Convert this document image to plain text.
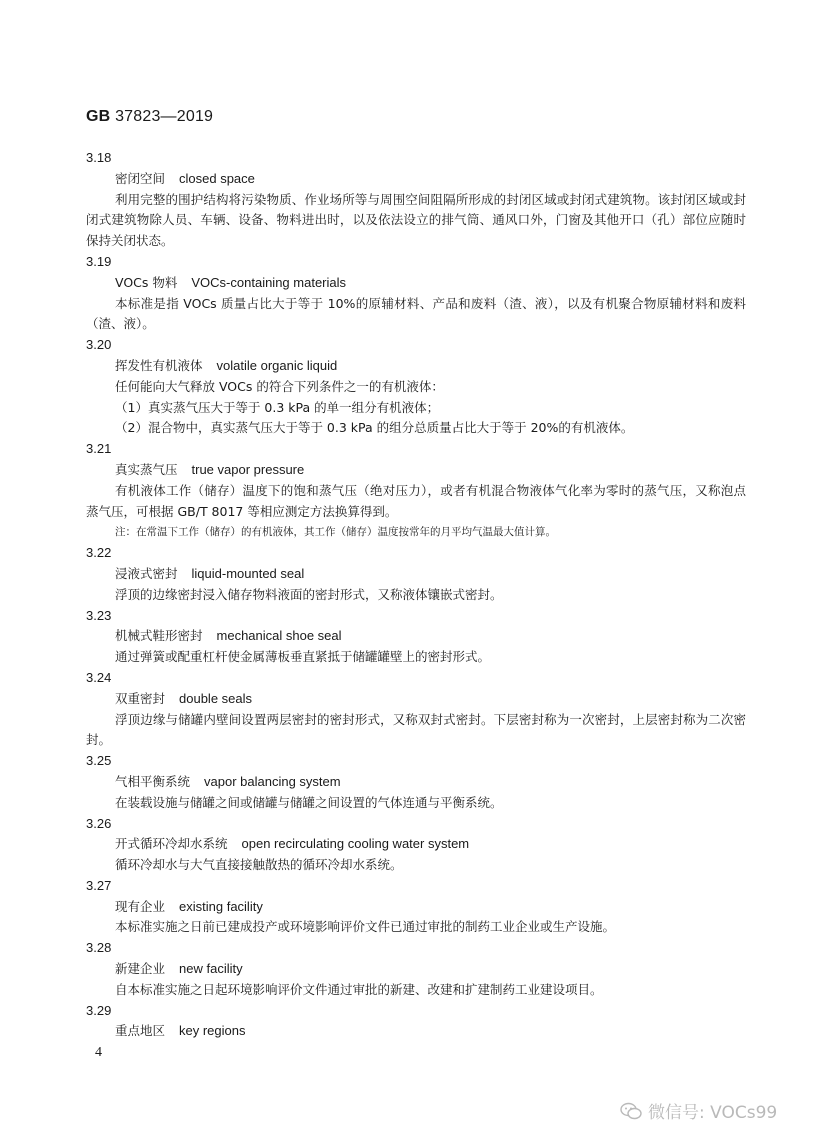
GB 37823—2019
3.18
密闭空间 closed space
利用完整的围护结构将污染物质、作业场所等与周围空间阻隔所形成的封闭区域或封闭式建筑物。该封闭区域或封闭式建筑物除人员、车辆、设备、物料进出时，以及依法设立的排气筒、通风口外，门窗及其他开口（孔）部位应随时保持关闭状态。
3.19
VOCs 物料 VOCs-containing materials
本标准是指 VOCs 质量占比大于等于 10%的原辅材料、产品和废料（渣、液），以及有机聚合物原辅材料和废料（渣、液）。
3.20
挥发性有机液体 volatile organic liquid
任何能向大气释放 VOCs 的符合下列条件之一的有机液体：
（1）真实蒸气压大于等于 0.3 kPa 的单一组分有机液体；
（2）混合物中，真实蒸气压大于等于 0.3 kPa 的组分总质量占比大于等于 20%的有机液体。
3.21
真实蒸气压 true vapor pressure
有机液体工作（储存）温度下的饱和蒸气压（绝对压力），或者有机混合物液体气化率为零时的蒸气压，又称泡点蒸气压，可根据 GB/T 8017 等相应测定方法换算得到。
注：在常温下工作（储存）的有机液体，其工作（储存）温度按常年的月平均气温最大值计算。
3.22
浸液式密封 liquid-mounted seal
浮顶的边缘密封浸入储存物料液面的密封形式，又称液体镶嵌式密封。
3.23
机械式鞋形密封 mechanical shoe seal
通过弹簧或配重杠杆使金属薄板垂直紧抵于储罐罐壁上的密封形式。
3.24
双重密封 double seals
浮顶边缘与储罐内壁间设置两层密封的密封形式，又称双封式密封。下层密封称为一次密封，上层密封称为二次密封。
3.25
气相平衡系统 vapor balancing system
在装载设施与储罐之间或储罐与储罐之间设置的气体连通与平衡系统。
3.26
开式循环冷却水系统 open recirculating cooling water system
循环冷却水与大气直接接触散热的循环冷却水系统。
3.27
现有企业 existing facility
本标准实施之日前已建成投产或环境影响评价文件已通过审批的制药工业企业或生产设施。
3.28
新建企业 new facility
自本标准实施之日起环境影响评价文件通过审批的新建、改建和扩建制药工业建设项目。
3.29
重点地区 key regions
4
微信号: VOCs99
